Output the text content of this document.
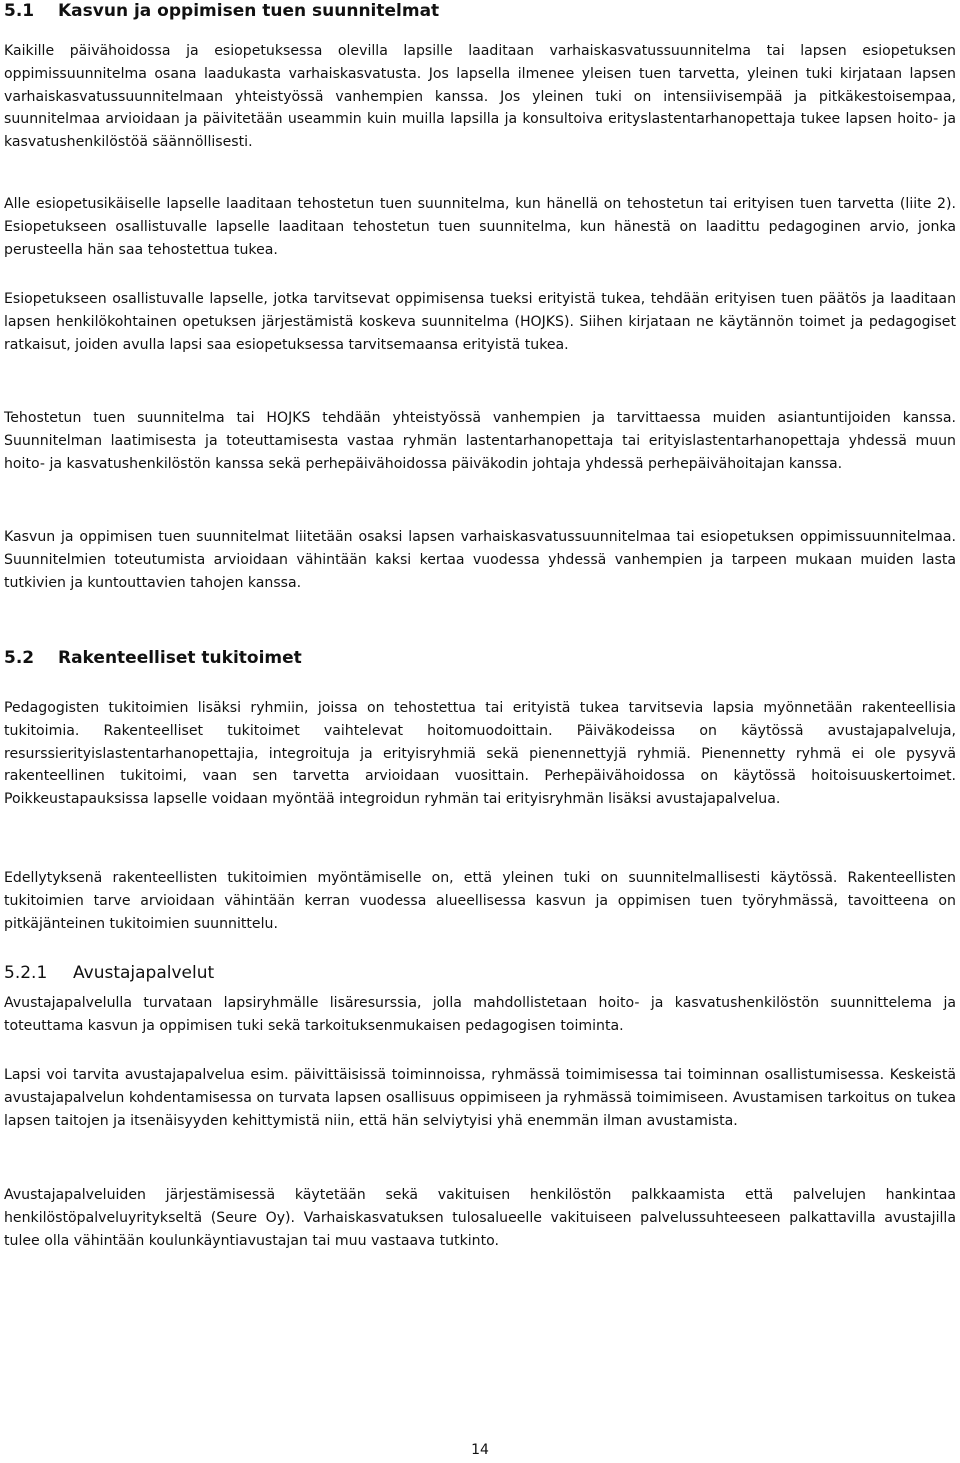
5.1	Kasvun ja oppimisen tuen suunnitelmat

Kaikille päivähoidossa ja esiopetuksessa olevilla lapsille laaditaan varhaiskasvatussuunnitelma tai lapsen esiopetuksen oppimissuunnitelma osana laadukasta varhaiskasvatusta. Jos lapsella ilmenee yleisen tuen tarvetta, yleinen tuki kirjataan lapsen varhaiskasvatussuunnitelmaan yhteistyössä vanhempien kanssa. Jos yleinen tuki on intensiivisempää ja pitkäkestoisempaa, suunnitelmaa arvioidaan ja päivitetään useammin kuin muilla lapsilla ja konsultoiva erityslastentarhanopettaja tukee lapsen hoito- ja kasvatushenkilöstöä säännöllisesti.

Alle esiopetusikäiselle lapselle laaditaan tehostetun tuen suunnitelma, kun hänellä on tehostetun tai erityisen tuen tarvetta (liite 2). Esiopetukseen osallistuvalle lapselle laaditaan tehostetun tuen suunnitelma, kun hänestä on laadittu pedagoginen arvio, jonka perusteella hän saa tehostettua tukea.

Esiopetukseen osallistuvalle lapselle, jotka tarvitsevat oppimisensa tueksi erityistä tukea, tehdään erityisen tuen päätös ja laaditaan lapsen henkilökohtainen opetuksen järjestämistä koskeva suunnitelma (HOJKS). Siihen kirjataan ne käytännön toimet ja pedagogiset ratkaisut, joiden avulla lapsi saa esiopetuksessa tarvitsemaansa erityistä tukea.

Tehostetun tuen suunnitelma tai HOJKS tehdään yhteistyössä vanhempien ja tarvittaessa muiden asiantuntijoiden kanssa. Suunnitelman laatimisesta ja toteuttamisesta vastaa ryhmän lastentarhanopettaja tai erityislastentarhanopettaja yhdessä muun hoito- ja kasvatushenkilöstön kanssa sekä perhepäivähoidossa päiväkodin johtaja yhdessä perhepäivähoitajan kanssa.

Kasvun ja oppimisen tuen suunnitelmat liitetään osaksi lapsen varhaiskasvatussuunnitelmaa tai esiopetuksen oppimissuunnitelmaa. Suunnitelmien toteutumista arvioidaan vähintään kaksi kertaa vuodessa yhdessä vanhempien ja tarpeen mukaan muiden lasta tutkivien ja kuntouttavien tahojen kanssa.

5.2	Rakenteelliset tukitoimet

Pedagogisten tukitoimien lisäksi ryhmiin, joissa on tehostettua tai erityistä tukea tarvitsevia lapsia myönnetään rakenteellisia tukitoimia. Rakenteelliset tukitoimet vaihtelevat hoitomuodoittain. Päiväkodeissa on käytössä avustajapalveluja, resurssierityislastentarhanopettajia, integroituja ja erityisryhmiä sekä pienennettyjä ryhmiä. Pienennetty ryhmä ei ole pysyvä rakenteellinen tukitoimi, vaan sen tarvetta arvioidaan vuosittain. Perhepäivähoidossa on käytössä hoitoisuuskertoimet. Poikkeustapauksissa lapselle voidaan myöntää integroidun ryhmän tai erityisryhmän lisäksi avustajapalvelua.

Edellytyksenä rakenteellisten tukitoimien myöntämiselle on, että yleinen tuki on suunnitelmallisesti käytössä. Rakenteellisten tukitoimien tarve arvioidaan vähintään kerran vuodessa alueellisessa kasvun ja oppimisen tuen työryhmässä, tavoitteena on pitkäjänteinen tukitoimien suunnittelu.

5.2.1	Avustajapalvelut

Avustajapalvelulla turvataan lapsiryhmälle lisäresurssia, jolla mahdollistetaan hoito- ja kasvatushenkilöstön suunnittelema ja toteuttama kasvun ja oppimisen tuki sekä tarkoituksenmukaisen pedagogisen toiminta.

Lapsi voi tarvita avustajapalvelua esim. päivittäisissä toiminnoissa, ryhmässä toimimisessa tai toiminnan osallistumisessa. Keskeistä avustajapalvelun kohdentamisessa on turvata lapsen osallisuus oppimiseen ja ryhmässä toimimiseen. Avustamisen tarkoitus on tukea lapsen taitojen ja itsenäisyyden kehittymistä niin, että hän selviytyisi yhä enemmän ilman avustamista.

Avustajapalveluiden järjestämisessä käytetään sekä vakituisen henkilöstön palkkaamista että palvelujen hankintaa henkilöstöpalveluyritykseltä (Seure Oy). Varhaiskasvatuksen tulosalueelle vakituiseen palvelussuhteeseen palkattavilla avustajilla tulee olla vähintään koulunkäyntiavustajan tai muu vastaava tutkinto.

14
